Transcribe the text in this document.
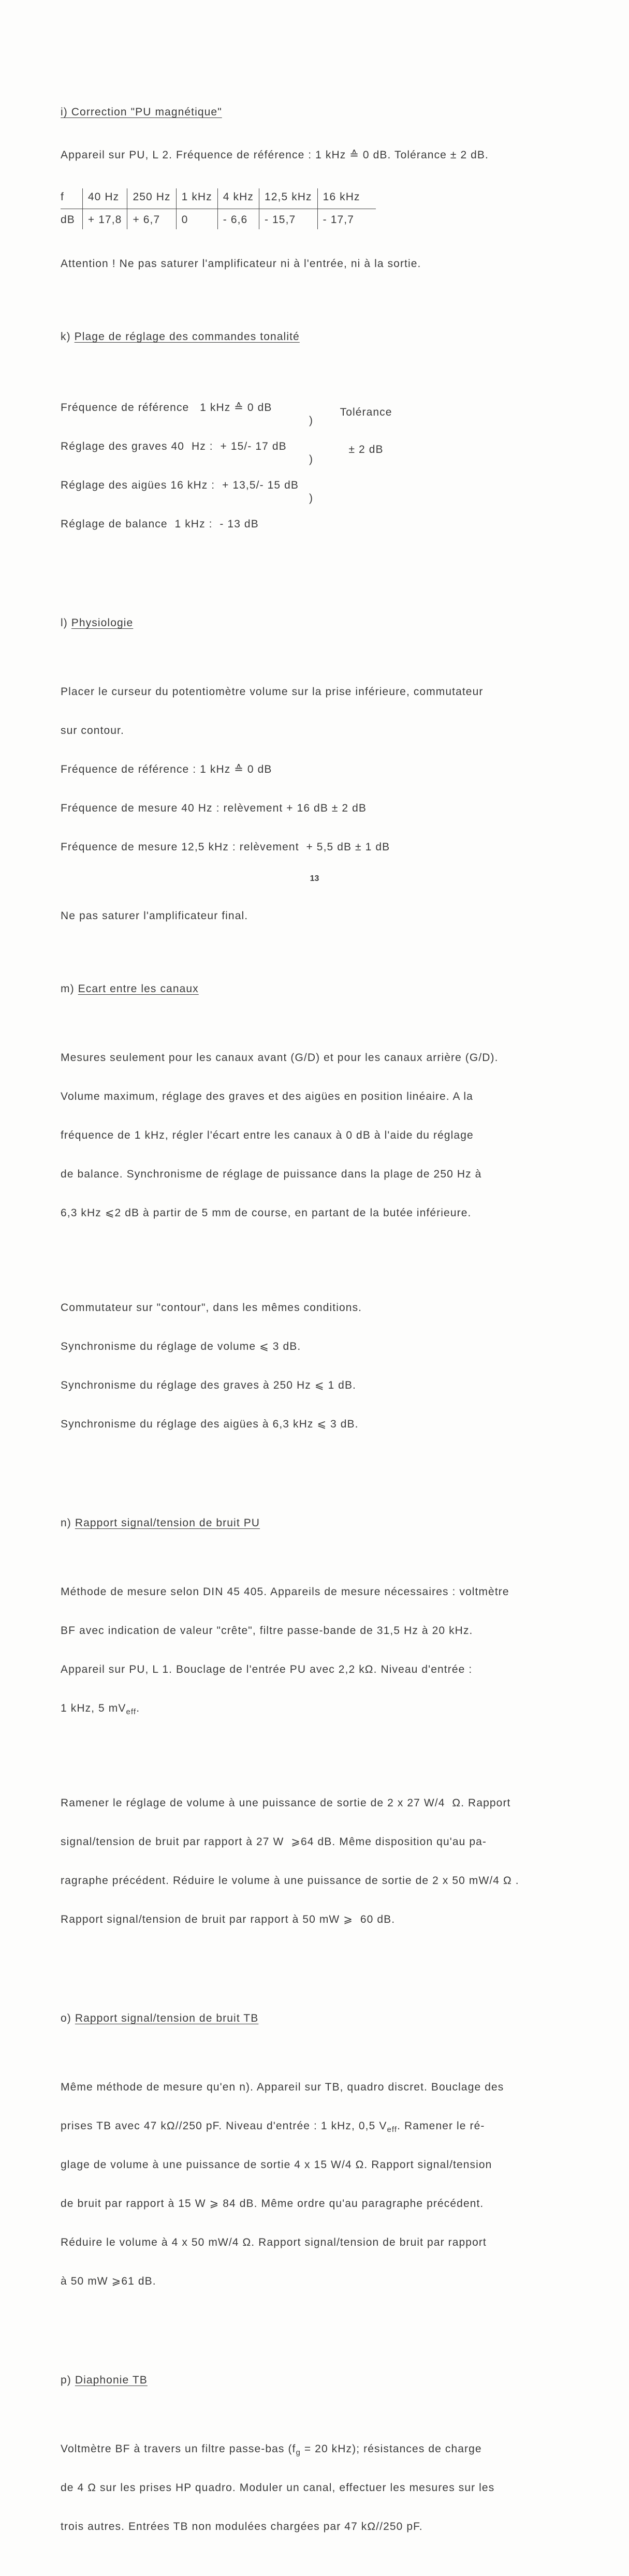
i) Correction "PU magnétique"

Appareil sur PU, L 2. Fréquence de référence : 1 kHz ≙ 0 dB. Tolérance ± 2 dB.

f	40 Hz	250 Hz	1 kHz	4 kHz	12,5 kHz	16 kHz
dB	+ 17,8	+ 6,7	0	- 6,6	- 15,7	- 17,7

Attention ! Ne pas saturer l'amplificateur ni à l'entrée, ni à la sortie.

k) Plage de réglage des commandes tonalité

Fréquence de référence   1 kHz ≙ 0 dB

Réglage des graves 40  Hz :  + 15/- 17 dB

Réglage des aigües 16 kHz :  + 13,5/- 15 dB

Réglage de balance  1 kHz :  - 13 dB

)

)

)

Tolérance

± 2 dB

l) Physiologie

Placer le curseur du potentiomètre volume sur la prise inférieure, commutateur

sur contour.

Fréquence de référence : 1 kHz ≙ 0 dB

Fréquence de mesure 40 Hz : relèvement + 16 dB ± 2 dB

Fréquence de mesure 12,5 kHz : relèvement  + 5,5 dB ± 1 dB

Ne pas saturer l'amplificateur final.

m) Ecart entre les canaux

Mesures seulement pour les canaux avant (G/D) et pour les canaux arrière (G/D).

Volume maximum, réglage des graves et des aigües en position linéaire. A la

fréquence de 1 kHz, régler l'écart entre les canaux à 0 dB à l'aide du réglage

de balance. Synchronisme de réglage de puissance dans la plage de 250 Hz à

6,3 kHz ⩽2 dB à partir de 5 mm de course, en partant de la butée inférieure.

Commutateur sur "contour", dans les mêmes conditions.

Synchronisme du réglage de volume ⩽ 3 dB.

Synchronisme du réglage des graves à 250 Hz ⩽ 1 dB.

Synchronisme du réglage des aigües à 6,3 kHz ⩽ 3 dB.

n) Rapport signal/tension de bruit PU

Méthode de mesure selon DIN 45 405. Appareils de mesure nécessaires : voltmètre

BF avec indication de valeur "crête", filtre passe-bande de 31,5 Hz à 20 kHz.

Appareil sur PU, L 1. Bouclage de l'entrée PU avec 2,2 kΩ. Niveau d'entrée :

1 kHz, 5 $mV_{eff}$.

Ramener le réglage de volume à une puissance de sortie de 2 x 27 W/4  Ω. Rapport

signal/tension de bruit par rapport à 27 W  ⩾64 dB. Même disposition qu'au pa-

ragraphe précédent. Réduire le volume à une puissance de sortie de 2 x 50 mW/4 Ω .

Rapport signal/tension de bruit par rapport à 50 mW ⩾  60 dB.

o) Rapport signal/tension de bruit TB

Même méthode de mesure qu'en n). Appareil sur TB, quadro discret. Bouclage des

prises TB avec 47 kΩ//250 pF. Niveau d'entrée : 1 kHz, 0,5 $V_{eff}$. Ramener le ré-

glage de volume à une puissance de sortie 4 x 15 W/4 Ω. Rapport signal/tension

de bruit par rapport à 15 W ⩾ 84 dB. Même ordre qu'au paragraphe précédent.

Réduire le volume à 4 x 50 mW/4 Ω. Rapport signal/tension de bruit par rapport

à 50 mW ⩾61 dB.

p) Diaphonie TB

Voltmètre BF à travers un filtre passe-bas ($f_g = 20$ kHz); résistances de charge

de 4 Ω sur les prises HP quadro. Moduler un canal, effectuer les mesures sur les

trois autres. Entrées TB non modulées chargées par 47 kΩ//250 pF.

13
